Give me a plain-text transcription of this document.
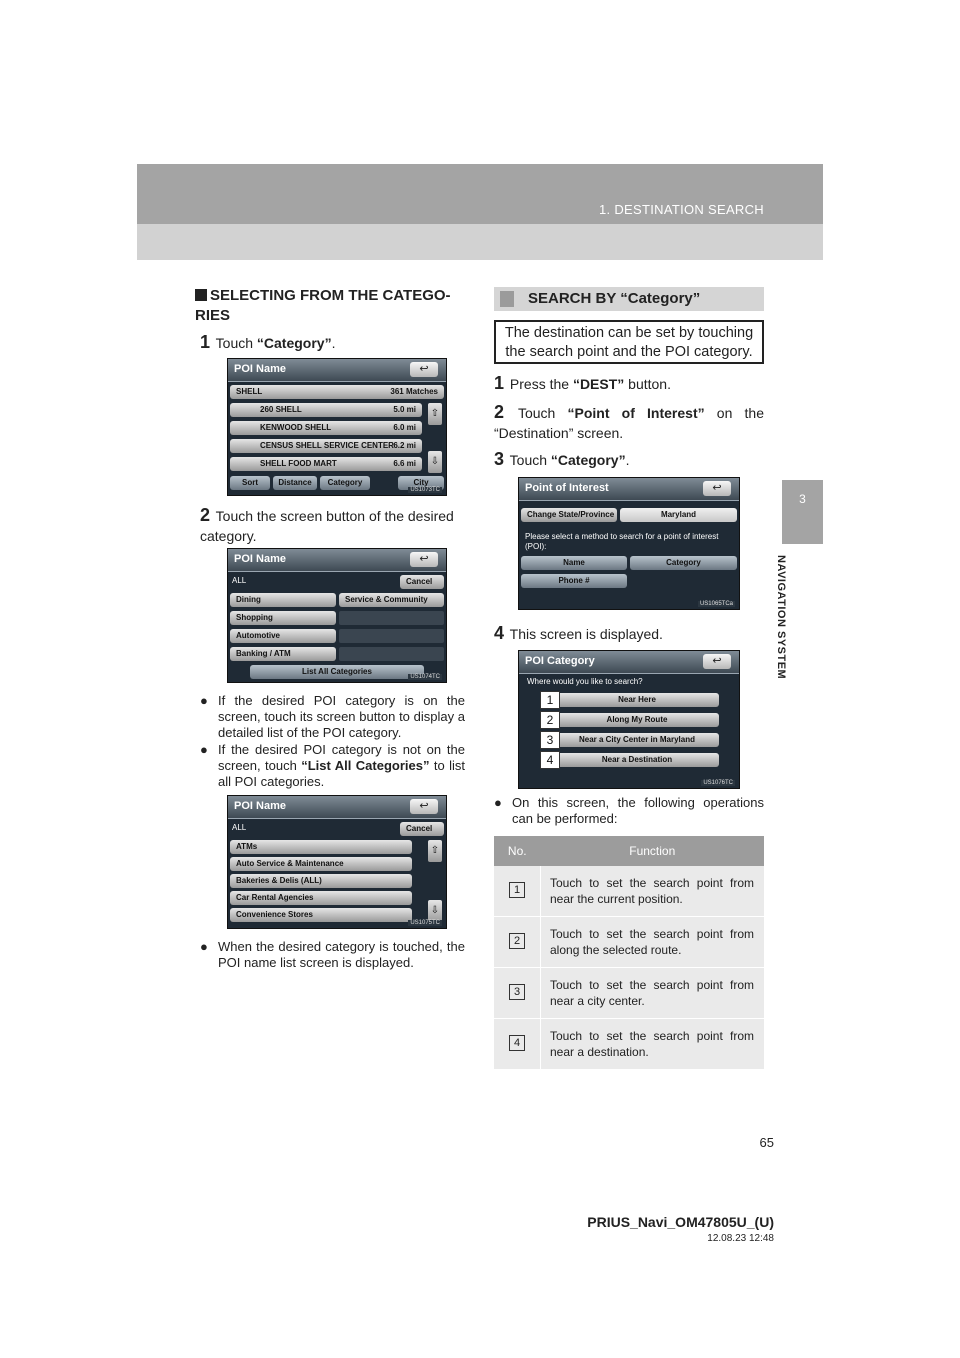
1. DESTINATION SEARCH
3
NAVIGATION SYSTEM
SELECTING FROM THE CATEGO-RIES
1 Touch “Category”.
POI Name	↩
SHELL	361 Matches
260 SHELL	5.0 mi
KENWOOD SHELL	6.0 mi
CENSUS SHELL SERVICE CENTER 6.2 mi
SHELL FOOD MART	6.6 mi
⇧
⇩
Sort	Distance	Category	City
US1073TC
2 Touch the screen button of the desired category.
POI Name	↩
ALL	Cancel
Dining
Shopping
Automotive
Banking / ATM
Service & Community
List All Categories
US1074TC
● If the desired POI category is on the screen, touch its screen button to display a detailed list of the POI category.
● If the desired POI category is not on the screen, touch “List All Categories” to list all POI categories.
POI Name	↩
ALL	Cancel
ATMs
Auto Service & Maintenance
Bakeries & Delis (ALL)
Car Rental Agencies
Convenience Stores
⇧
⇩
US1075TC
● When the desired category is touched, the POI name list screen is displayed.
SEARCH BY “Category”
The destination can be set by touching the search point and the POI category.
1 Press the “DEST” button.
2 Touch “Point of Interest” on the “Destination” screen.
3 Touch “Category”.
Point of Interest	↩
Change State/Province	Maryland
Please select a method to search for a point of interest (POI):
Name	Category
Phone #
US1065TCa
4 This screen is displayed.
POI Category	↩
Where would you like to search?
Near Here
Along My Route
Near a City Center in Maryland
Near a Destination
1
2
3
4
US1076TC
● On this screen, the following operations can be performed:
No.	Function
1	Touch to set the search point from near the current position.
2	Touch to set the search point from along the selected route.
3	Touch to set the search point from near a city center.
4	Touch to set the search point from near a destination.
65
PRIUS_Navi_OM47805U_(U)
12.08.23 12:48
